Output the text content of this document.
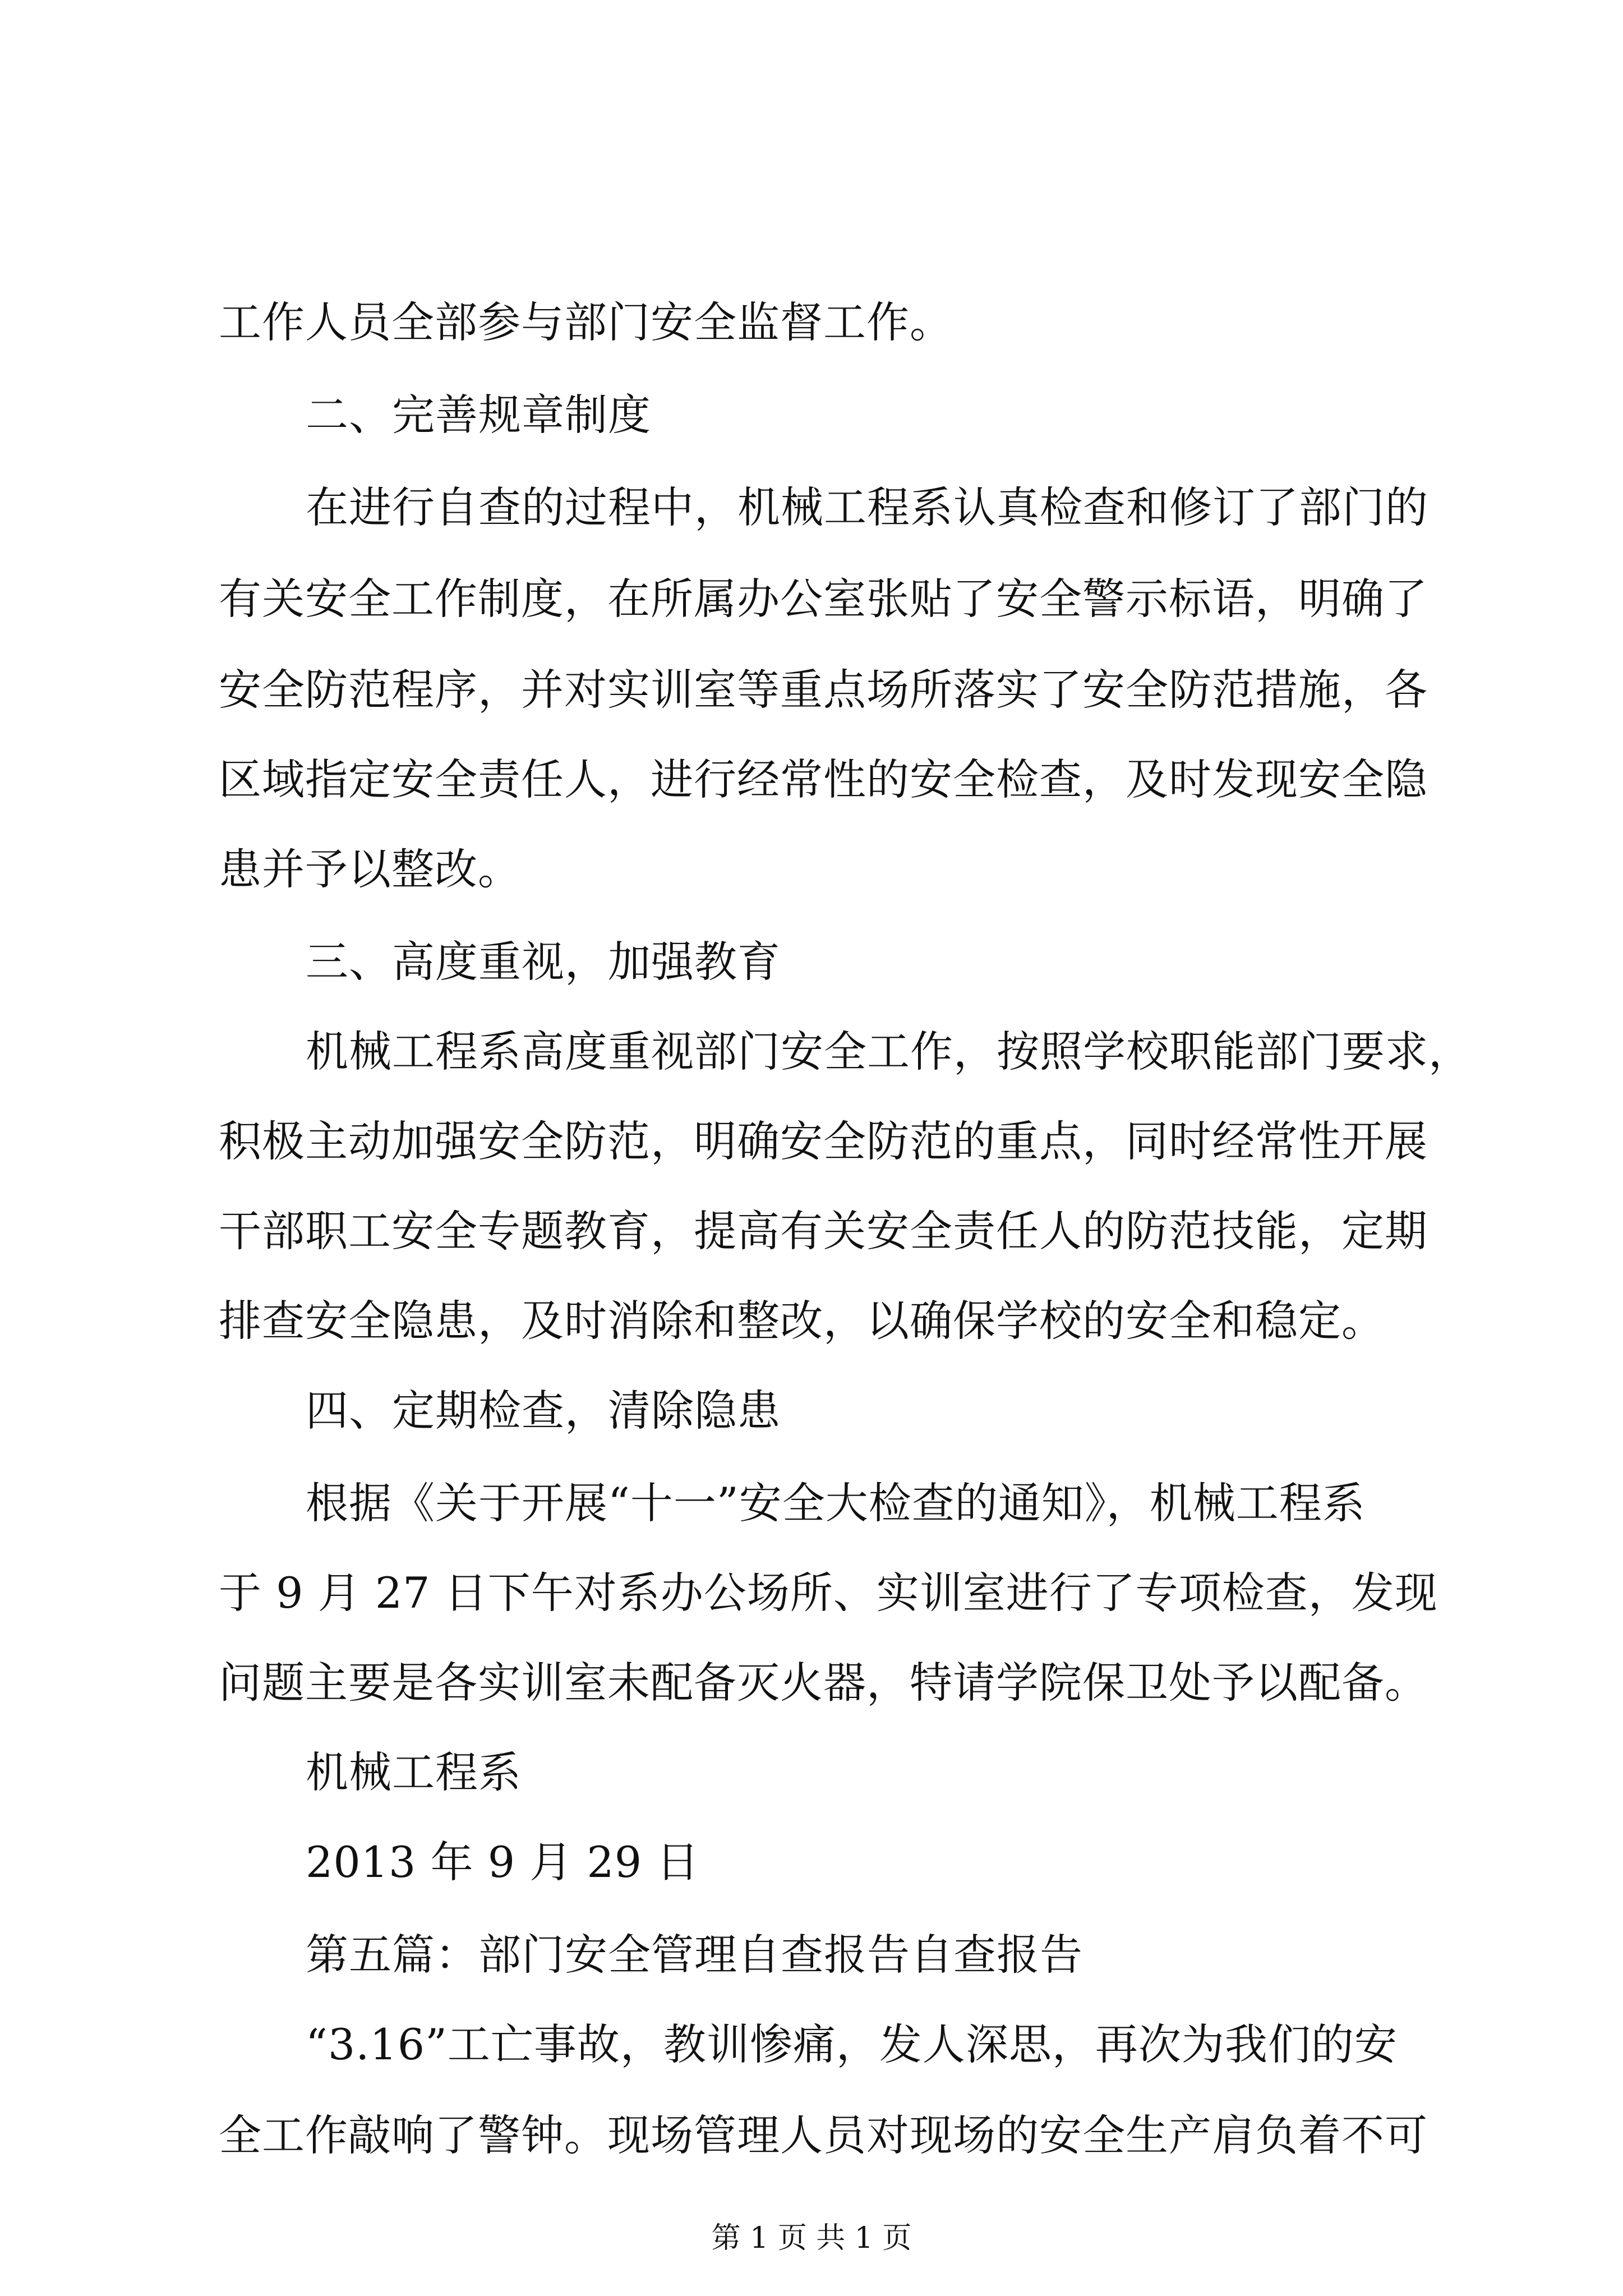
工作人员全部参与部门安全监督工作。
二、完善规章制度
在进行自查的过程中，机械工程系认真检查和修订了部门的
有关安全工作制度，在所属办公室张贴了安全警示标语，明确了
安全防范程序，并对实训室等重点场所落实了安全防范措施，各
区域指定安全责任人，进行经常性的安全检查，及时发现安全隐
患并予以整改。
三、高度重视，加强教育
机械工程系高度重视部门安全工作，按照学校职能部门要求，
积极主动加强安全防范，明确安全防范的重点，同时经常性开展
干部职工安全专题教育，提高有关安全责任人的防范技能，定期
排查安全隐患，及时消除和整改，以确保学校的安全和稳定。
四、定期检查，清除隐患
根据《关于开展“十一”安全大检查的通知》，机械工程系
于 9 月 27 日下午对系办公场所、实训室进行了专项检查，发现
问题主要是各实训室未配备灭火器，特请学院保卫处予以配备。
机械工程系
2013 年 9 月 29 日
第五篇：部门安全管理自查报告自查报告
“3.16”工亡事故，教训惨痛，发人深思，再次为我们的安
全工作敲响了警钟。现场管理人员对现场的安全生产肩负着不可
第 1 页 共 1 页
